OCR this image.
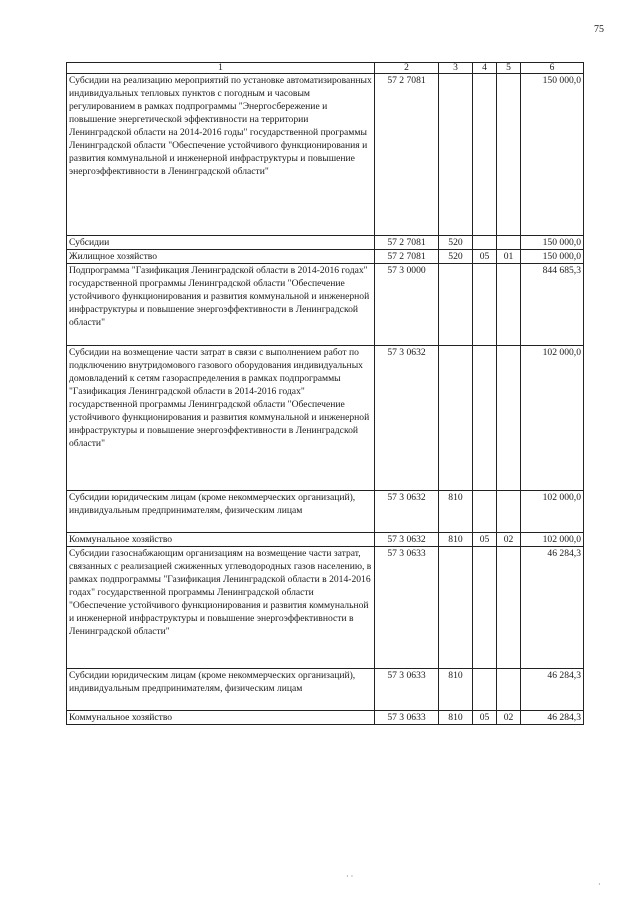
75
1	2	3	4	5	6
Субсидии на реализацию мероприятий по установке автоматизированных индивидуальных тепловых пунктов с погодным и часовым регулированием в рамках подпрограммы "Энергосбережение и повышение энергетической эффективности на территории Ленинградской области на 2014-2016 годы" государственной программы Ленинградской области "Обеспечение устойчивого функционирования и развития коммунальной и инженерной инфраструктуры и повышение энергоэффективности в Ленинградской области"	57 2 7081				150 000,0
Субсидии	57 2 7081	520			150 000,0
Жилищное хозяйство	57 2 7081	520	05	01	150 000,0
Подпрограмма "Газификация Ленинградской области в 2014-2016 годах" государственной программы Ленинградской области "Обеспечение устойчивого функционирования и развития коммунальной и инженерной инфраструктуры и повышение энергоэффективности в Ленинградской области"	57 3 0000				844 685,3
Субсидии на возмещение части затрат в связи с выполнением работ по подключению внутридомового газового оборудования индивидуальных домовладений к сетям газораспределения в рамках подпрограммы "Газификация Ленинградской области в 2014-2016 годах" государственной программы Ленинградской области "Обеспечение устойчивого функционирования и развития коммунальной и инженерной инфраструктуры и повышение энергоэффективности в Ленинградской области"	57 3 0632				102 000,0
Субсидии юридическим лицам (кроме некоммерческих организаций), индивидуальным предпринимателям, физическим лицам	57 3 0632	810			102 000,0
Коммунальное хозяйство	57 3 0632	810	05	02	102 000,0
Субсидии газоснабжающим организациям на возмещение части затрат, связанных с реализацией сжиженных углеводородных газов населению, в рамках подпрограммы "Газификация Ленинградской области в 2014-2016 годах" государственной программы Ленинградской области "Обеспечение устойчивого функционирования и развития коммунальной и инженерной инфраструктуры и повышение энергоэффективности в Ленинградской области"	57 3 0633				46 284,3
Субсидии юридическим лицам (кроме некоммерческих организаций), индивидуальным предпринимателям, физическим лицам	57 3 0633	810			46 284,3
Коммунальное хозяйство	57 3 0633	810	05	02	46 284,3
· ·
·
